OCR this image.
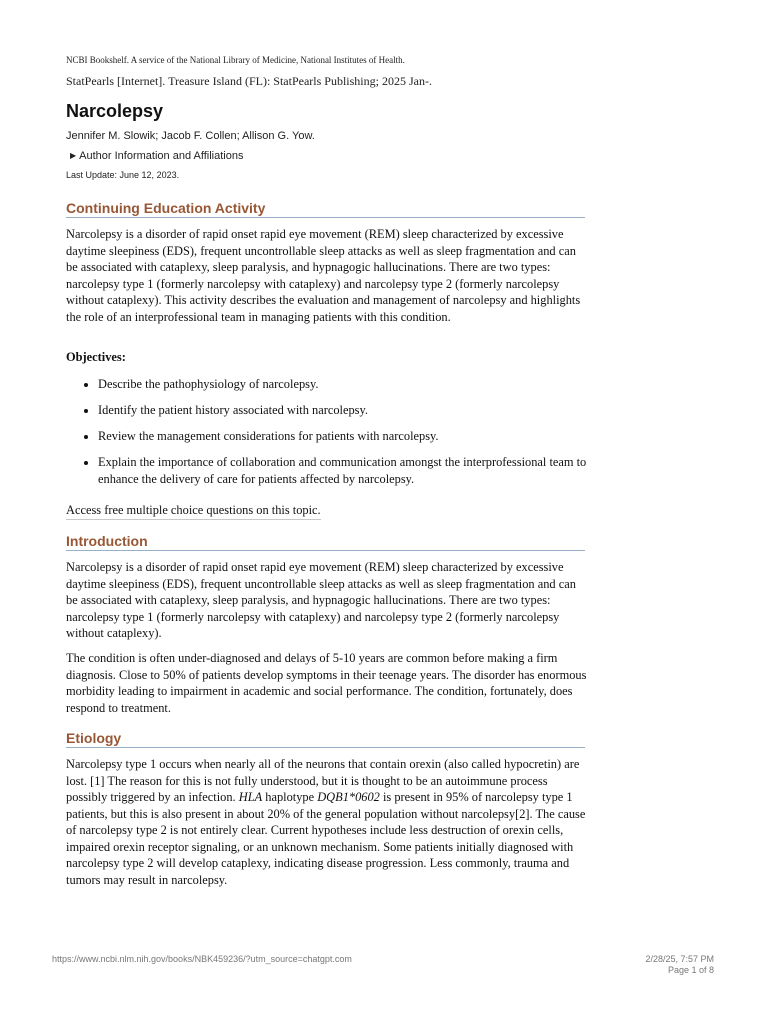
NCBI Bookshelf. A service of the National Library of Medicine, National Institutes of Health.
StatPearls [Internet]. Treasure Island (FL): StatPearls Publishing; 2025 Jan-.
Narcolepsy
Jennifer M. Slowik; Jacob F. Collen; Allison G. Yow.
▶ Author Information and Affiliations
Last Update: June 12, 2023.
Continuing Education Activity

Narcolepsy is a disorder of rapid onset rapid eye movement (REM) sleep characterized by excessive daytime sleepiness (EDS), frequent uncontrollable sleep attacks as well as sleep fragmentation and can be associated with cataplexy, sleep paralysis, and hypnagogic hallucinations. There are two types: narcolepsy type 1 (formerly narcolepsy with cataplexy) and narcolepsy type 2 (formerly narcolepsy without cataplexy). This activity describes the evaluation and management of narcolepsy and highlights the role of an interprofessional team in managing patients with this condition.

Objectives:

• Describe the pathophysiology of narcolepsy.
• Identify the patient history associated with narcolepsy.
• Review the management considerations for patients with narcolepsy.
• Explain the importance of collaboration and communication amongst the interprofessional team to enhance the delivery of care for patients affected by narcolepsy.
Access free multiple choice questions on this topic.
Introduction

Narcolepsy is a disorder of rapid onset rapid eye movement (REM) sleep characterized by excessive daytime sleepiness (EDS), frequent uncontrollable sleep attacks as well as sleep fragmentation and can be associated with cataplexy, sleep paralysis, and hypnagogic hallucinations. There are two types: narcolepsy type 1 (formerly narcolepsy with cataplexy) and narcolepsy type 2 (formerly narcolepsy without cataplexy).

The condition is often under-diagnosed and delays of 5-10 years are common before making a firm diagnosis. Close to 50% of patients develop symptoms in their teenage years. The disorder has enormous morbidity leading to impairment in academic and social performance. The condition, fortunately, does respond to treatment.

Etiology

Narcolepsy type 1 occurs when nearly all of the neurons that contain orexin (also called hypocretin) are lost. [1] The reason for this is not fully understood, but it is thought to be an autoimmune process possibly triggered by an infection. HLA haplotype DQB1*0602 is present in 95% of narcolepsy type 1 patients, but this is also present in about 20% of the general population without narcolepsy[2]. The cause of narcolepsy type 2 is not entirely clear. Current hypotheses include less destruction of orexin cells, impaired orexin receptor signaling, or an unknown mechanism. Some patients initially diagnosed with narcolepsy type 2 will develop cataplexy, indicating disease progression. Less commonly, trauma and tumors may result in narcolepsy.

https://www.ncbi.nlm.nih.gov/books/NBK459236/?utm_source=chatgpt.com	2/28/25, 7:57 PM
Page 1 of 8
